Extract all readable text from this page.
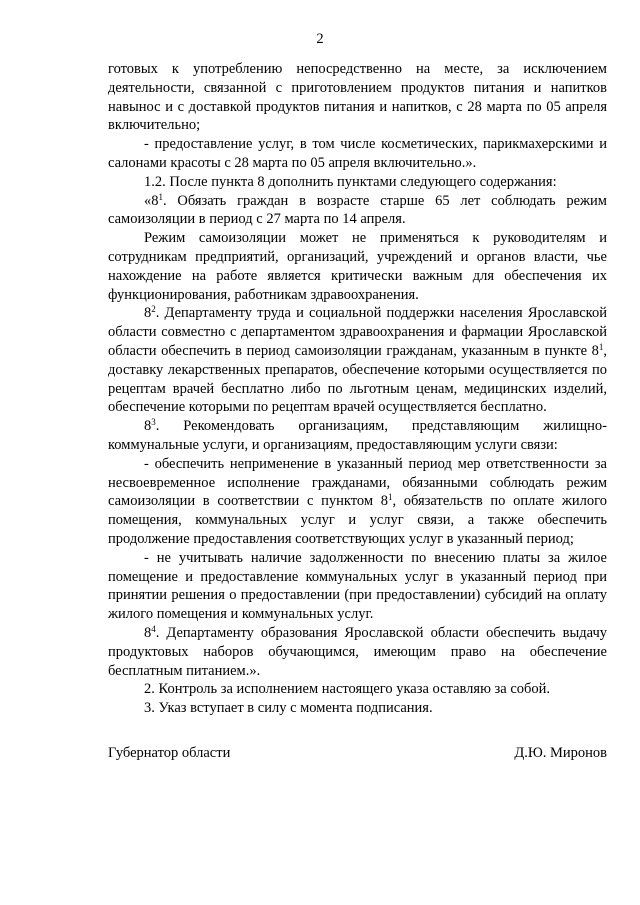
2

готовых к употреблению непосредственно на месте, за исключением деятельности, связанной с приготовлением продуктов питания и напитков навынос и с доставкой продуктов питания и напитков, с 28 марта по 05 апреля включительно;

- предоставление услуг, в том числе косметических, парикмахерскими и салонами красоты с 28 марта по 05 апреля включительно.».

1.2. После пункта 8 дополнить пунктами следующего содержания:

«$8^1$. Обязать граждан в возрасте старше 65 лет соблюдать режим самоизоляции в период с 27 марта по 14 апреля.

Режим самоизоляции может не применяться к руководителям и сотрудникам предприятий, организаций, учреждений и органов власти, чье нахождение на работе является критически важным для обеспечения их функционирования, работникам здравоохранения.

$8^2$. Департаменту труда и социальной поддержки населения Ярославской области совместно с департаментом здравоохранения и фармации Ярославской области обеспечить в период самоизоляции гражданам, указанным в пункте $8^1$, доставку лекарственных препаратов, обеспечение которыми осуществляется по рецептам врачей бесплатно либо по льготным ценам, медицинских изделий, обеспечение которыми по рецептам врачей осуществляется бесплатно.

$8^3$. Рекомендовать организациям, представляющим жилищно-коммунальные услуги, и организациям, предоставляющим услуги связи:

- обеспечить неприменение в указанный период мер ответственности за несвоевременное исполнение гражданами, обязанными соблюдать режим самоизоляции в соответствии с пунктом $8^1$, обязательств по оплате жилого помещения, коммунальных услуг и услуг связи, а также обеспечить продолжение предоставления соответствующих услуг в указанный период;

- не учитывать наличие задолженности по внесению платы за жилое помещение и предоставление коммунальных услуг в указанный период при принятии решения о предоставлении (при предоставлении) субсидий на оплату жилого помещения и коммунальных услуг.

$8^4$. Департаменту образования Ярославской области обеспечить выдачу продуктовых наборов обучающимся, имеющим право на обеспечение бесплатным питанием.».

2. Контроль за исполнением настоящего указа оставляю за собой.

3. Указ вступает в силу с момента подписания.

Губернатор области	Д.Ю. Миронов
